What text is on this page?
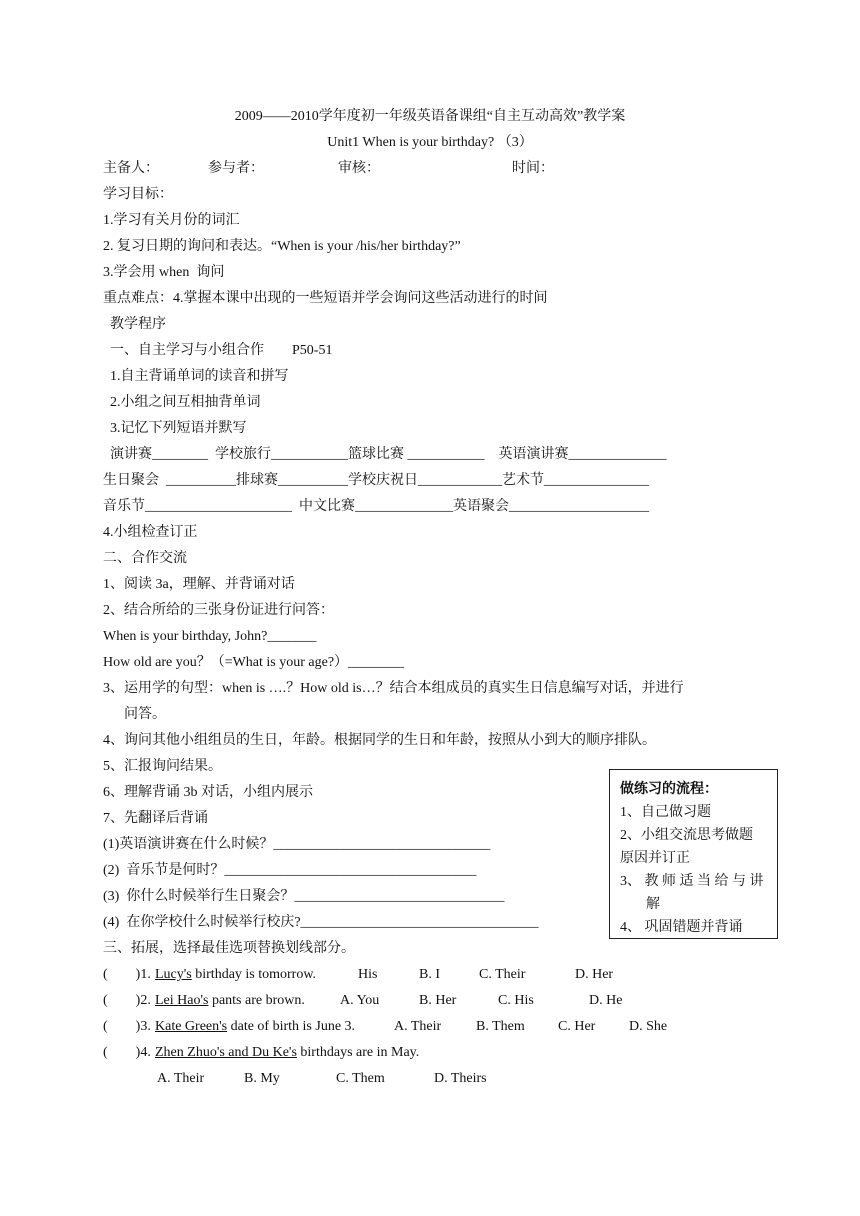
2009——2010学年度初一年级英语备课组“自主互动高效”教学案
Unit1 When is your birthday? （3）
主备人：	参与者：	审核：	时间：
学习目标：
1.学习有关月份的词汇
2. 复习日期的询问和表达。“When is your /his/her birthday?”
3.学会用 when  询问
重点难点：4.掌握本课中出现的一些短语并学会询问这些活动进行的时间
教学程序
一、自主学习与小组合作        P50-51
1.自主背诵单词的读音和拼写
2.小组之间互相抽背单词
3.记忆下列短语并默写
演讲赛________  学校旅行___________篮球比赛 ___________    英语演讲赛______________
生日聚会  __________排球赛__________学校庆祝日____________艺术节_______________
音乐节_____________________  中文比赛______________英语聚会____________________
4.小组检查订正
二、合作交流
1、阅读 3a，理解、并背诵对话
2、结合所给的三张身份证进行问答：
When is your birthday, John?_______
How old are you？（=What is your age?）________
3、运用学的句型：when is ….？How old is…？结合本组成员的真实生日信息编写对话，并进行
问答。
4、询问其他小组组员的生日，年龄。根据同学的生日和年龄，按照从小到大的顺序排队。
5、汇报询问结果。
6、理解背诵 3b 对话，小组内展示
7、先翻译后背诵
(1)英语演讲赛在什么时候？_______________________________
(2)  音乐节是何时？____________________________________
(3)  你什么时候举行生日聚会？______________________________
(4)  在你学校什么时候举行校庆?__________________________________
三、拓展，选择最佳选项替换划线部分。
做练习的流程：
1、自己做习题
2、小组交流思考做题
原因并订正
3、 教 师 适 当 给 与 讲
解
4、 巩固错题并背诵
(        )1. Lucy's birthday is tomorrow.	His	B. I	C. Their	D. Her
(        )2. Lei Hao's pants are brown.	A. You	B. Her	C. His	D. He
(        )3. Kate Green's date of birth is June 3.	A. Their B. Them C. Her D. She
(        )4. Zhen Zhuo's and Du Ke's birthdays are in May.
A. Their	B. My	C. Them	D. Theirs
